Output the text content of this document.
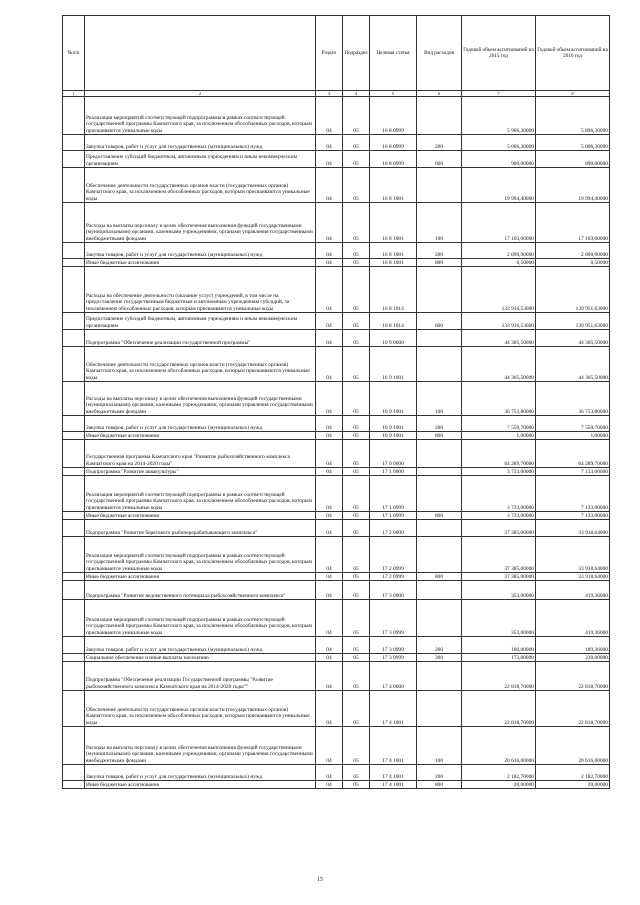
№п/п		Раздел	Подраздел	Целевая статья	Вид расходов	Годовой объем ассигнований на 2015 год	Годовой объем ассигнований на 2016 год
1	2	3	4	5	6	7	8
	Реализация мероприятий соответствующей подпрограммы в рамках соответствующей государственной программы Камчатского края, за исключением обособленных расходов, которым присваиваются уникальные коды	04	05	16 8 0999		5 906,30000	5 896,30000
	Закупка товаров, работ и услуг для государственных (муниципальных) нужд	04	05	16 8 0999	200	5 006,30000	5 006,30000
	Предоставление субсидий бюджетным, автономным учреждениям и иным некоммерческим организациям	04	05	16 8 0999	600	900,00000	890,00000
	Обеспечение деятельности государственных органов власти (государственных органов) Камчатского края, за исключением обособленных расходов, которым присваиваются уникальные коды	04	05	16 8 1001		19 994,40000	19 994,40000
	Расходы на выплаты персоналу в целях обеспечения выполнения функций государственными (муниципальными) органами, казенными учреждениями, органами управления государственными внебюджетными фондами	04	05	16 8 1001	100	17 103,00000	17 103,00000
	Закупка товаров, работ и услуг для государственных (муниципальных) нужд	04	05	16 8 1001	200	2 890,90000	2 890,90000
	Иные бюджетные ассигнования	04	05	16 8 1001	800	0,50000	0,50000
	Расходы на обеспечение деятельности (оказание услуг) учреждений, в том числе на предоставление государственным бюджетным и автономным учреждениям субсидий, за исключением обособленных расходов, которым присваиваются уникальные коды	04	05	16 8 1014		133 916,53000	139 951,63000
	Предоставление субсидий бюджетным, автономным учреждениям и иным некоммерческим организациям	04	05	16 8 1014	600	133 916,53000	139 951,63000
	Подпрограмма "Обеспечение реализации государственной программы"	04	05	16 9 0000		44 305,50000	44 305,50000
	Обеспечение деятельности государственных органов власти (государственных органов) Камчатского края, за исключением обособленных расходов, которым присваиваются уникальные коды	04	05	16 9 1001		44 305,50000	44 305,50000
	Расходы на выплаты персоналу в целях обеспечения выполнения функций государственными (муниципальными) органами, казенными учреждениями, органами управления государственными внебюджетными фондами	04	05	16 9 1001	100	36 753,80000	36 753,80000
	Закупка товаров, работ и услуг для государственных (муниципальных) нужд	04	05	16 9 1001	200	7 550,70000	7 550,70000
	Иные бюджетные ассигнования	04	05	16 9 1001	800	1,00000	1,00000
	Государственная программа Камчатского края "Развитие рыбохозяйственного комплекса Камчатского края на 2014-2020 годы"	04	05	17 0 0000		64 289,70000	64 289,70000
	Подпрограмма "Развитие аквакультуры"	04	05	17 1 0000		3 733,00000	7 133,00000
	Реализация мероприятий соответствующей подпрограммы в рамках соответствующей государственной программы Камчатского края, за исключением обособленных расходов, которым присваиваются уникальные коды	04	05	17 1 0999		3 733,00000	7 133,00000
	Иные бюджетные ассигнования	04	05	17 1 0999	800	3 733,00000	7 133,00000
	Подпрограмма "Развитие берегового рыбоперерабатывающего комплекса"	04	05	17 2 0000		37 385,00000	33 918,64000
	Реализация мероприятий соответствующей подпрограммы в рамках соответствующей государственной программы Камчатского края, за исключением обособленных расходов, которым присваиваются уникальные коды	04	05	17 2 0999		37 385,00000	33 918,64000
	Иные бюджетные ассигнования	04	05	17 2 0999	800	37 385,00000	33 918,64000
	Подпрограмма "Развитие ведомственного потенциала рыбохозяйственного комплекса"	04	05	17 3 0000		353,00000	419,36000
	Реализация мероприятий соответствующей подпрограммы в рамках соответствующей государственной программы Камчатского края, за исключением обособленных расходов, которым присваиваются уникальные коды	04	05	17 3 0999		353,00000	419,36000
	Закупка товаров, работ и услуг для государственных (муниципальных) нужд	04	05	17 3 0999	200	180,00000	189,36000
	Социальное обеспечение и иные выплаты населению	04	05	17 3 0999	300	173,00000	230,00000
	Подпрограмма "Обеспечение реализации Государственной программы "Развитие рыбохозяйственного комплекса Камчатского края на 2014-2020 годы""	04	05	17 4 0000		22 818,70000	22 818,70000
	Обеспечение деятельности государственных органов власти (государственных органов) Камчатского края, за исключением обособленных расходов, которым присваиваются уникальные коды	04	05	17 4 1001		22 818,70000	22 818,70000
	Расходы на выплаты персоналу в целях обеспечения выполнения функций государственными (муниципальными) органами, казенными учреждениями, органами управления государственными внебюджетными фондами	04	05	17 4 1001	100	20 616,00000	20 616,00000
	Закупка товаров, работ и услуг для государственных (муниципальных) нужд	04	05	17 4 1001	200	2 182,70000	2 182,70000
	Иные бюджетные ассигнования	04	05	17 4 1001	800	20,00000	20,00000
15
